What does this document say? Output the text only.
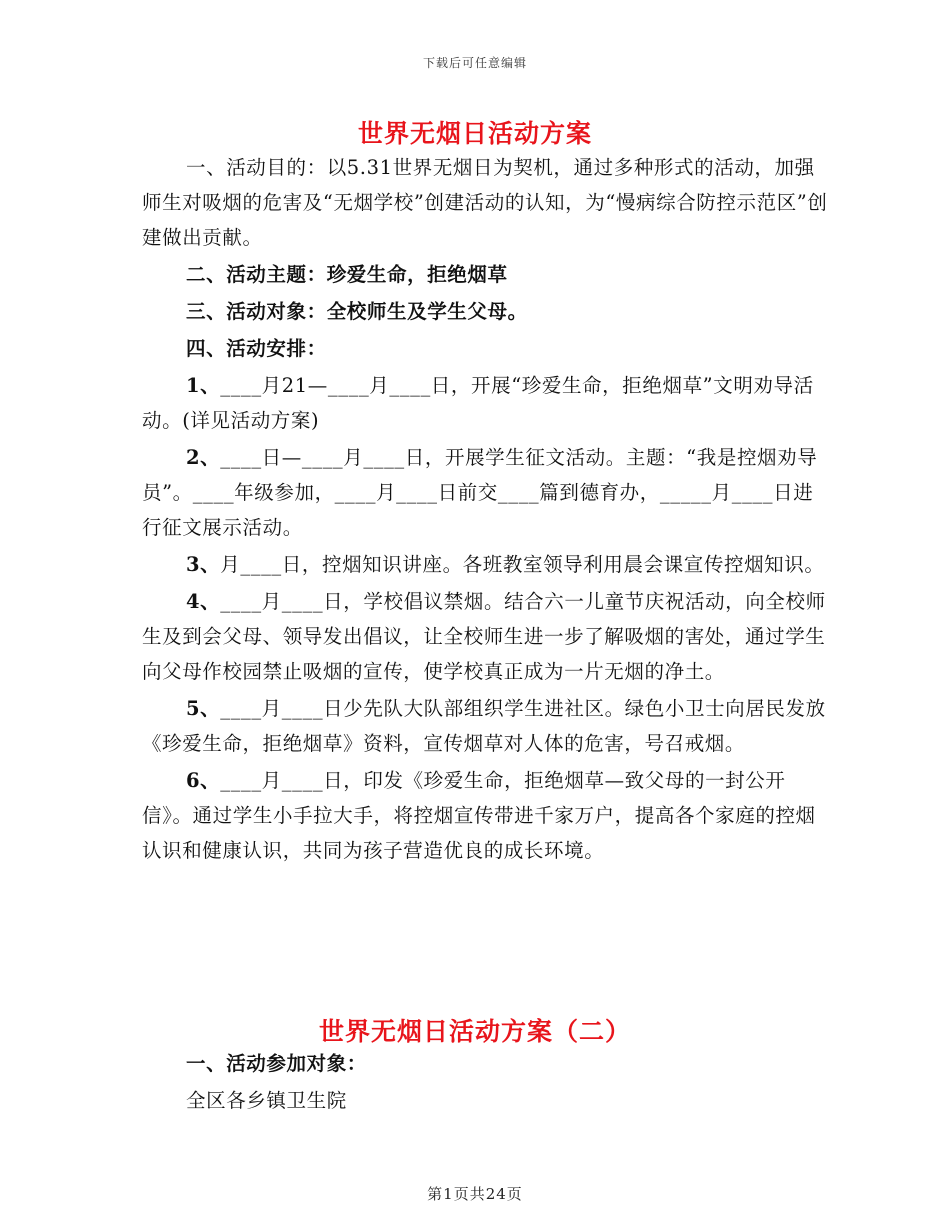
下载后可任意编辑
世界无烟日活动方案

一、活动目的：以5.31世界无烟日为契机，通过多种形式的活动，加强师生对吸烟的危害及“无烟学校”创建活动的认知，为“慢病综合防控示范区”创建做出贡献。

二、活动主题：珍爱生命，拒绝烟草

三、活动对象：全校师生及学生父母。

四、活动安排：

1、____月21—____月____日，开展“珍爱生命，拒绝烟草”文明劝导活动。(详见活动方案)

2、____日—____月____日，开展学生征文活动。主题：“我是控烟劝导员”。____年级参加，____月____日前交____篇到德育办，_____月____日进行征文展示活动。

3、月____日，控烟知识讲座。各班教室领导利用晨会课宣传控烟知识。

4、____月____日，学校倡议禁烟。结合六一儿童节庆祝活动，向全校师生及到会父母、领导发出倡议，让全校师生进一步了解吸烟的害处，通过学生向父母作校园禁止吸烟的宣传，使学校真正成为一片无烟的净土。

5、____月____日少先队大队部组织学生进社区。绿色小卫士向居民发放《珍爱生命，拒绝烟草》资料，宣传烟草对人体的危害，号召戒烟。

6、____月____日，印发《珍爱生命，拒绝烟草—致父母的一封公开信》。通过学生小手拉大手，将控烟宣传带进千家万户，提高各个家庭的控烟认识和健康认识，共同为孩子营造优良的成长环境。

世界无烟日活动方案（二）

一、活动参加对象：

全区各乡镇卫生院

第1页共24页
